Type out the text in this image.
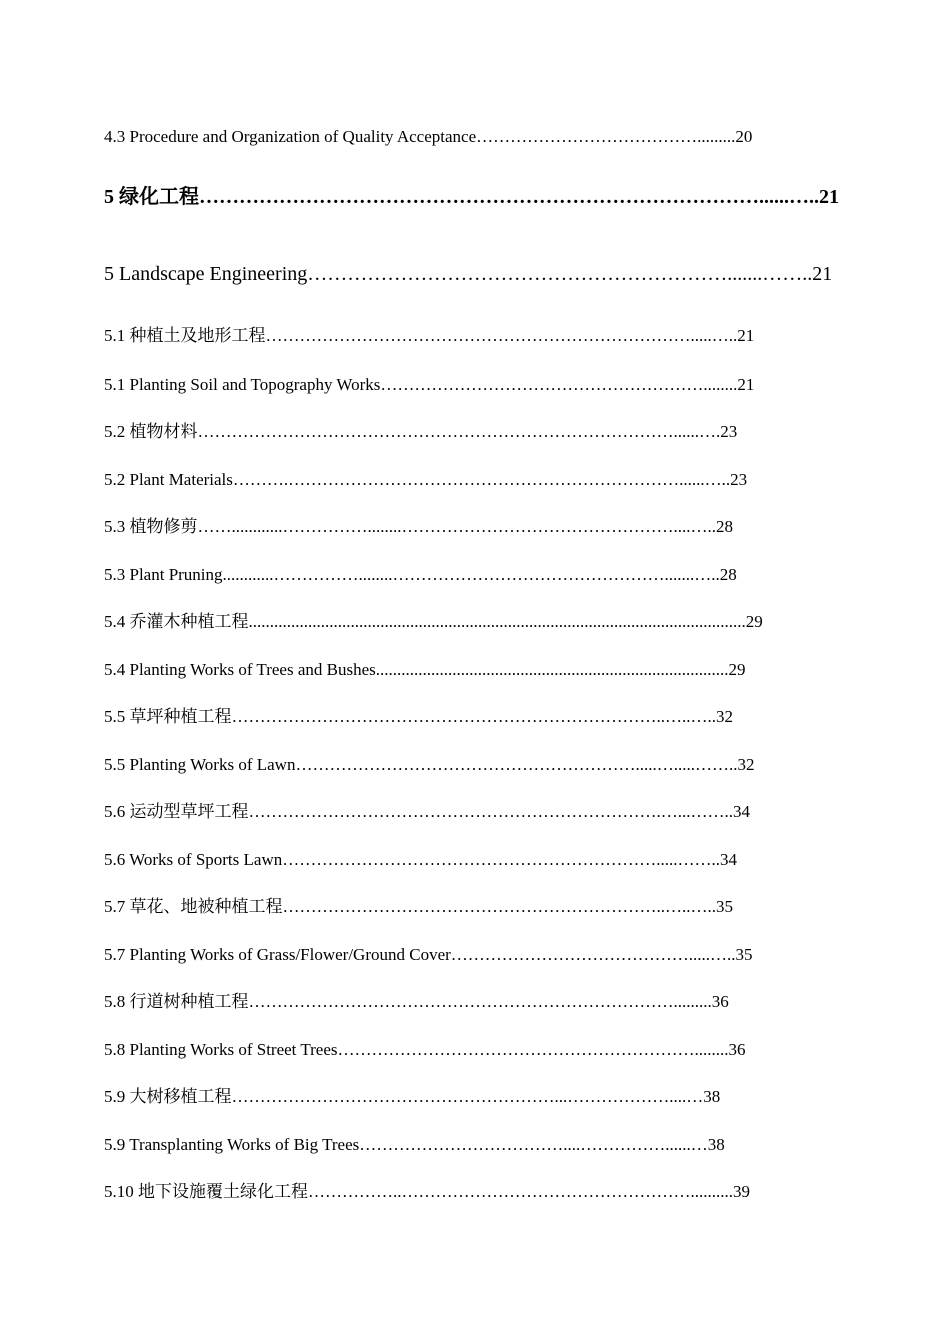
4.3 Procedure and Organization of Quality Acceptance………………………………….........20
5 绿化工程…………………………………………………………………………......…..21
5 Landscape Engineering……………………………………………………….......……..21
5.1 种植土及地形工程………………………………………………………………….....…..21
5.1 Planting Soil and Topography Works…………………………………………………........21
5.2 植物材料…………………………………………………………………………......….23
5.2 Plant Materials……….……………………………………………………………......…..23
5.3 植物修剪……............……………........…………………………………………....…..28
5.3 Plant Pruning............……………........………………………………………….......…..28
5.4 乔灌木种植工程.....................................................................................................................29
5.4 Planting Works of Trees and Bushes...................................................................................29
5.5 草坪种植工程…………………………………………………………………..…..…..32
5.5 Planting Works of Lawn…………………………………………………….....….....……..32
5.6 运动型草坪工程……………………………………………………………….…...……..34
5.6 Works of Sports Lawn………………………………………………………….....……..34
5.7 草花、地被种植工程…………………………………………………………..…..…..35
5.7 Planting Works of Grass/Flower/Ground Cover…………………………………….....…..35
5.8 行道树种植工程………………………………………………………………….........36
5.8 Planting Works of Street Trees………………………………………………………........36
5.9 大树移植工程…………………………………………………...………………....…38
5.9 Transplanting Works of Big Trees………………………………....……………......…38
5.10 地下设施覆土绿化工程……………..……………………………………………..........39
